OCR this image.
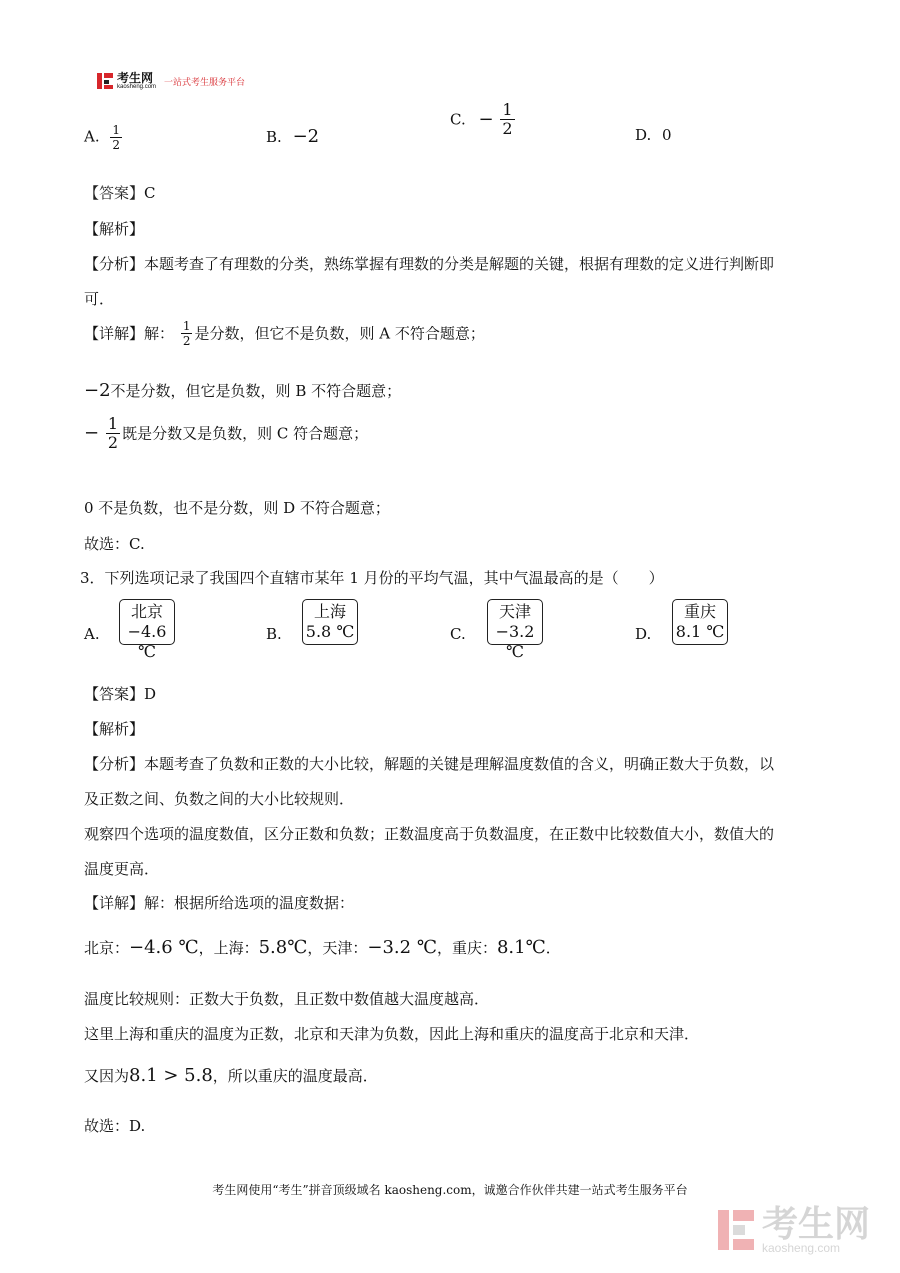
考生网
kaosheng.com
一站式考生服务平台
A. $\frac{1}{2}$	B. −2
C. − $\frac{1}{2}$	D. 0
【答案】C
【解析】
【分析】本题考查了有理数的分类，熟练掌握有理数的分类是解题的关键，根据有理数的定义进行判断即
可．
【详解】解： $\frac{1}{2}$ 是分数，但它不是负数，则 A 不符合题意；
−2不是分数，但它是负数，则 B 不符合题意；
− $\frac{1}{2}$ 既是分数又是负数，则 C 符合题意；
0 不是负数，也不是分数，则 D 不符合题意；
故选：C.
3．下列选项记录了我国四个直辖市某年 1 月份的平均气温，其中气温最高的是（　　）
A.
北京
−4.6 ℃
B.
上海
5.8 ℃	C.
天津
−3.2 ℃
D.
重庆
8.1 ℃
【答案】D
【解析】
【分析】本题考查了负数和正数的大小比较，解题的关键是理解温度数值的含义，明确正数大于负数，以
及正数之间、负数之间的大小比较规则．
观察四个选项的温度数值，区分正数和负数；正数温度高于负数温度，在正数中比较数值大小，数值大的
温度更高．
【详解】解：根据所给选项的温度数据：
北京：−4.6 ℃，上海：5.8℃，天津：−3.2 ℃，重庆：8.1℃．
温度比较规则：正数大于负数，且正数中数值越大温度越高．
这里上海和重庆的温度为正数，北京和天津为负数，因此上海和重庆的温度高于北京和天津．
又因为8.1 > 5.8，所以重庆的温度最高．
故选：D.
考生网使用“考生”拼音顶级域名 kaosheng.com，诚邀合作伙伴共建一站式考生服务平台
考生网
kaosheng.com
